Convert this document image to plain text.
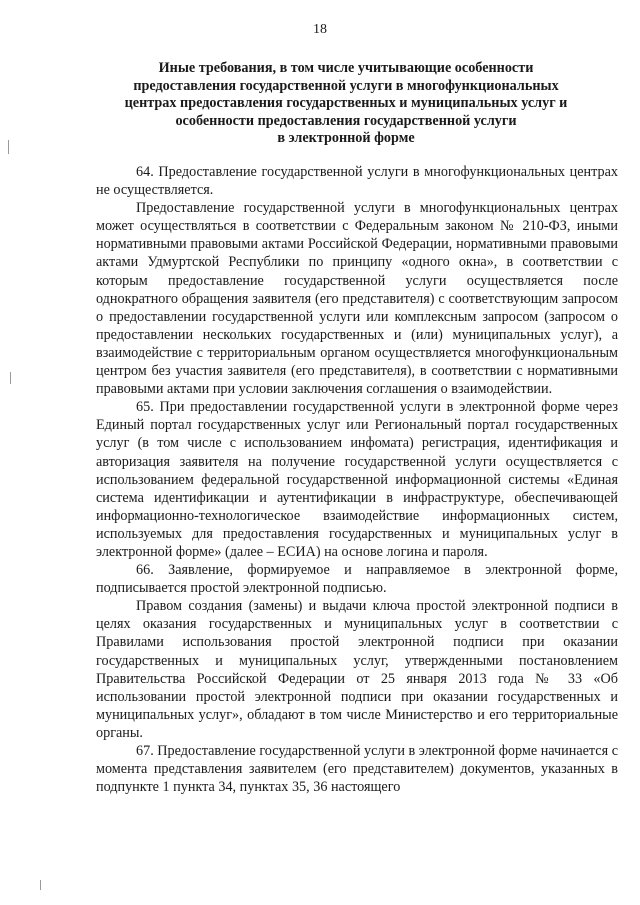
18
Иные требования, в том числе учитывающие особенности
предоставления государственной услуги в многофункциональных
центрах предоставления государственных и муниципальных услуг и
особенности предоставления государственной услуги
в электронной форме

64. Предоставление государственной услуги в многофункциональных центрах не осуществляется.

Предоставление государственной услуги в многофункциональных центрах может осуществляться в соответствии с Федеральным законом № 210-ФЗ, иными нормативными правовыми актами Российской Федерации, нормативными правовыми актами Удмуртской Республики по принципу «одного окна», в соответствии с которым предоставление государственной услуги осуществляется после однократного обращения заявителя (его представителя) с соответствующим запросом о предоставлении государственной услуги или комплексным запросом (запросом о предоставлении нескольких государственных и (или) муниципальных услуг), а взаимодействие с территориальным органом осуществляется многофункциональным центром без участия заявителя (его представителя), в соответствии с нормативными правовыми актами при условии заключения соглашения о взаимодействии.

65. При предоставлении государственной услуги в электронной форме через Единый портал государственных услуг или Региональный портал государственных услуг (в том числе с использованием инфомата) регистрация, идентификация и авторизация заявителя на получение государственной услуги осуществляется с использованием федеральной государственной информационной системы «Единая система идентификации и аутентификации в инфраструктуре, обеспечивающей информационно-технологическое взаимодействие информационных систем, используемых для предоставления государственных и муниципальных услуг в электронной форме» (далее – ЕСИА) на основе логина и пароля.

66. Заявление, формируемое и направляемое в электронной форме, подписывается простой электронной подписью.

Правом создания (замены) и выдачи ключа простой электронной подписи в целях оказания государственных и муниципальных услуг в соответствии с Правилами использования простой электронной подписи при оказании государственных и муниципальных услуг, утвержденными постановлением Правительства Российской Федерации от 25 января 2013 года № 33 «Об использовании простой электронной подписи при оказании государственных и муниципальных услуг», обладают в том числе Министерство и его территориальные органы.

67. Предоставление государственной услуги в электронной форме начинается с момента представления заявителем (его представителем) документов, указанных в подпункте 1 пункта 34, пунктах 35, 36 настоящего
